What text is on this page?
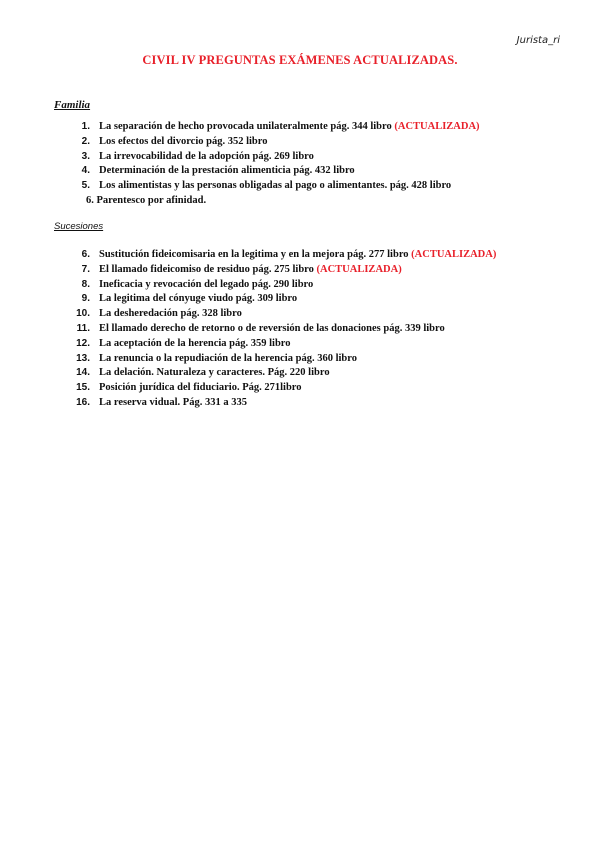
Jurista_ri
CIVIL IV PREGUNTAS EXÁMENES ACTUALIZADAS.
Familia
1. La separación de hecho provocada unilateralmente pág. 344 libro (ACTUALIZADA)
2. Los efectos del divorcio pág. 352 libro
3. La irrevocabilidad de la adopción pág. 269 libro
4. Determinación de la prestación alimenticia pág. 432 libro
5. Los alimentistas y las personas obligadas al pago o alimentantes. pág. 428 libro
6. Parentesco por afinidad.
Sucesiones
6. Sustitución fideicomisaria en la legitima y en la mejora pág. 277 libro (ACTUALIZADA)
7. El llamado fideicomiso de residuo pág. 275 libro (ACTUALIZADA)
8. Ineficacia y revocación del legado pág. 290 libro
9. La legitima del cónyuge viudo pág. 309 libro
10. La desheredación pág. 328 libro
11. El llamado derecho de retorno o de reversión de las donaciones pág. 339 libro
12. La aceptación de la herencia pág. 359 libro
13. La renuncia o la repudiación de la herencia pág. 360 libro
14. La delación. Naturaleza y caracteres. Pág. 220 libro
15. Posición jurídica del fiduciario. Pág. 271libro
16. La reserva vidual. Pág. 331 a 335
